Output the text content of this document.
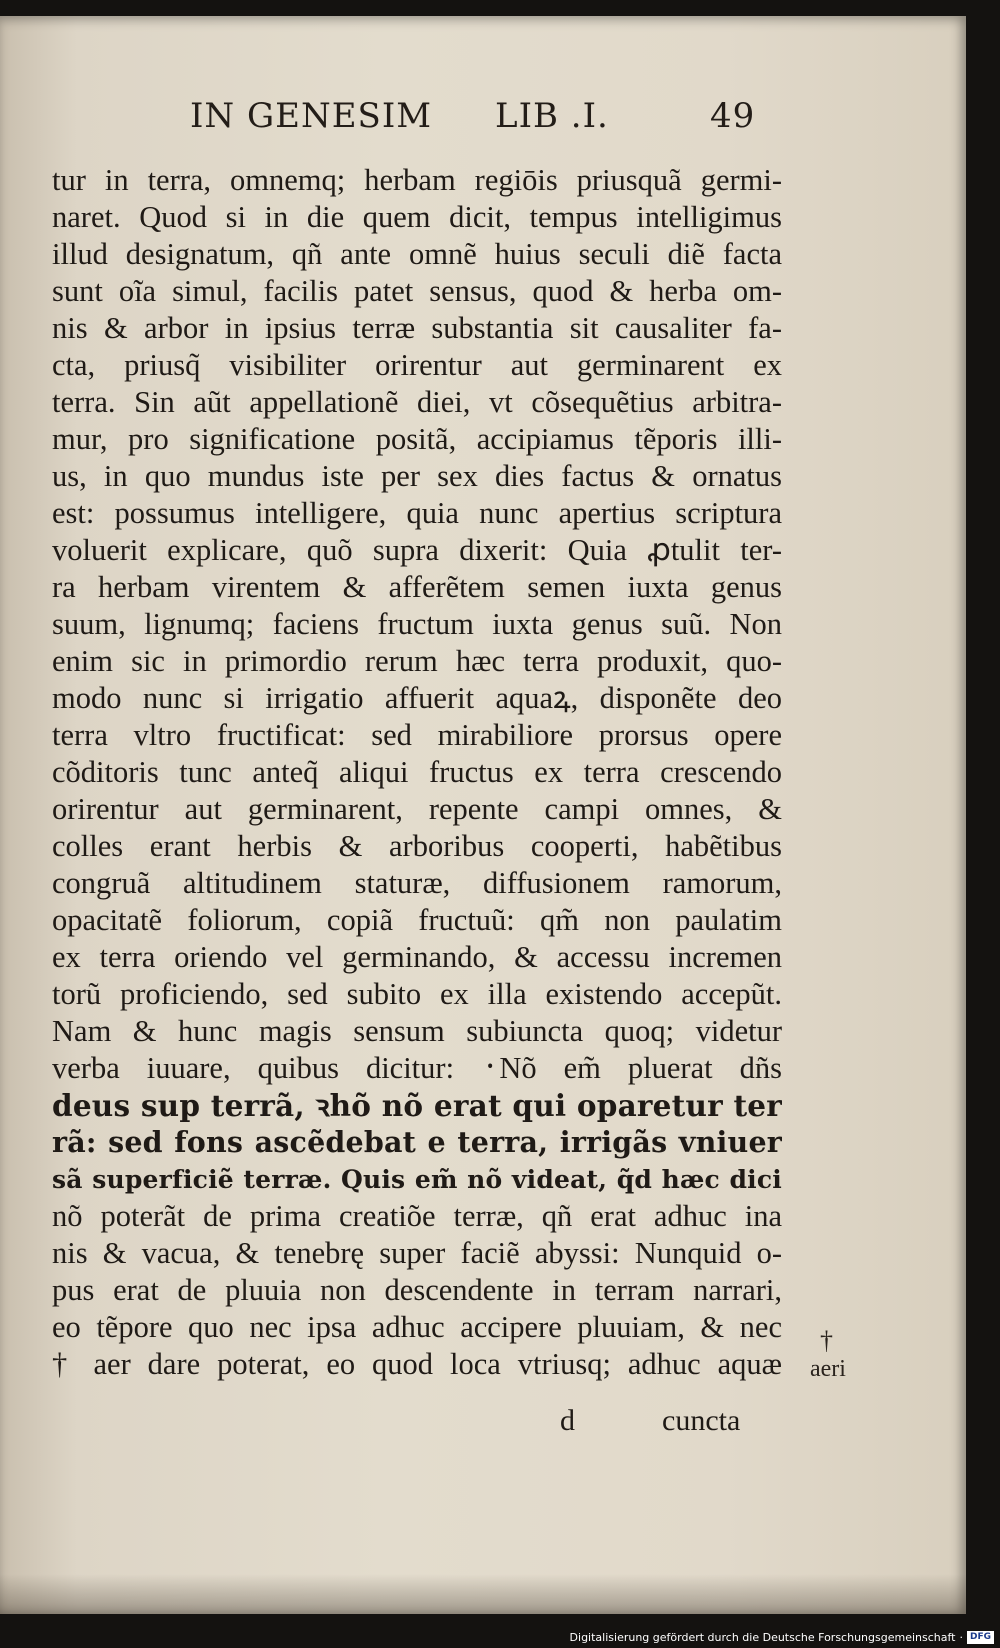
IN GENESIM LIB .I.	49
tur in terra, omnemq; herbam regiōis priusquã germi-
naret. Quod si in die quem dicit, tempus intelligimus
illud designatum, qñ ante omnẽ huius seculi diẽ facta
sunt oĩa simul, facilis patet sensus, quod & herba om-
nis & arbor in ipsius terræ substantia sit causaliter fa-
cta, priusq̃ visibiliter orirentur aut germinarent ex
terra. Sin aũt appellationẽ diei, vt cõsequẽtius arbitra-
mur, pro significatione positã, accipiamus tẽporis illi-
us, in quo mundus iste per sex dies factus & ornatus
est: possumus intelligere, quia nunc apertius scriptura
voluerit explicare, quõ supra dixerit: Quia ꝓtulit ter-
ra herbam virentem & afferẽtem semen iuxta genus
suum, lignumq; faciens fructum iuxta genus suũ. Non
enim sic in primordio rerum hæc terra produxit, quo-
modo nunc si irrigatio affuerit aquaꝝ, disponẽte deo
terra vltro fructificat: sed mirabiliore prorsus opere
cõditoris tunc anteq̃ aliqui fructus ex terra crescendo
orirentur aut germinarent, repente campi omnes, &
colles erant herbis & arboribus cooperti, habẽtibus
congruã altitudinem staturæ, diffusionem ramorum,
opacitatẽ foliorum, copiã fructuũ: qm̃ non paulatim
ex terra oriendo vel germinando, & accessu incremen
torũ proficiendo, sed subito ex illa existendo accepũt.
Nam & hunc magis sensum subiuncta quoq; videtur
verba iuuare, quibus dicitur: ᛫Nõ em̃ pluerat dñs
deus sup terrã, ꝛhõ nõ erat qui oparetur ter
rã: sed fons ascẽdebat e terra, irrigãs vniuer
sã superficiẽ terræ. Quis em̃ nõ videat, q̃d hæc dici
nõ poterãt de prima creatiõe terræ, qñ erat adhuc ina
nis & vacua, & tenebrę super faciẽ abyssi: Nunquid o-
pus erat de pluuia non descendente in terram narrari,
eo tẽpore quo nec ipsa adhuc accipere pluuiam, & nec
† aer dare poterat, eo quod loca vtriusq; adhuc aquæ
†
aeri
d	cuncta
Digitalisierung gefördert durch die Deutsche Forschungsgemeinschaft · DFG
